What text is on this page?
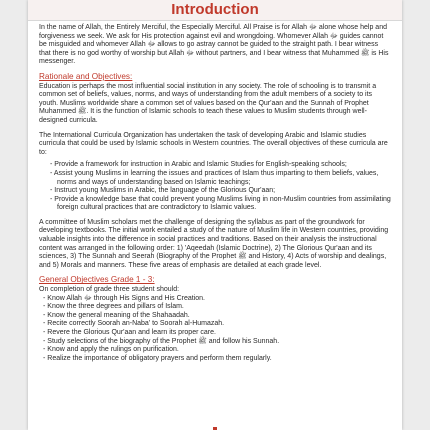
Introduction

In the name of Allah, the Entirely Merciful, the Especially Merciful. All Praise is for Allah ﷻ alone whose help and forgiveness we seek. We ask for His protection against evil and wrongdoing. Whomever Allah ﷻ guides cannot be misguided and whomever Allah ﷻ allows to go astray cannot be guided to the straight path. I bear witness that there is no god worthy of worship but Allah ﷻ without partners, and I bear witness that Muhammed ﷺ is His messenger.

Rationale and Objectives:

Education is perhaps the most influential social institution in any society. The role of schooling is to transmit a common set of beliefs, values, norms, and ways of understanding from the adult members of a society to its youth. Muslims worldwide share a common set of values based on the Qur'aan and the Sunnah of Prophet Muhammed ﷺ. It is the function of Islamic schools to teach these values to Muslim students through well-designed curricula.

The International Curricula Organization has undertaken the task of developing Arabic and Islamic studies curricula that could be used by Islamic schools in Western countries. The overall objectives of these curricula are to:

- Provide a framework for instruction in Arabic and Islamic Studies for English-speaking schools;
- Assist young Muslims in learning the issues and practices of Islam thus imparting to them beliefs, values, norms and ways of understanding based on Islamic teachings;
- Instruct young Muslims in Arabic, the language of the Glorious Qur'aan;
- Provide a knowledge base that could prevent young Muslims living in non-Muslim countries from assimilating foreign cultural practices that are contradictory to Islamic values.

A committee of Muslim scholars met the challenge of designing the syllabus as part of the groundwork for developing textbooks. The initial work entailed a study of the nature of Muslim life in Western countries, providing valuable insights into the difference in social practices and traditions. Based on their analysis the instructional content was arranged in the following order: 1) 'Aqeedah (Islamic Doctrine), 2) The Glorious Qur'aan and its sciences, 3) The Sunnah and Seerah (Biography of the Prophet ﷺ and History, 4) Acts of worship and dealings, and 5) Morals and manners. These five areas of emphasis are detailed at each grade level.

General Objectives Grade 1 - 3:
On completion of grade three student should:
- Know Allah ﷻ through His Signs and His Creation.
- Know the three degrees and pillars of Islam.
- Know the general meaning of the Shahaadah.
- Recite correctly Soorah an-Naba' to Soorah al-Humazah.
- Revere the Glorious Qur'aan and learn its proper care.
- Study selections of the biography of the Prophet ﷺ and follow his Sunnah.
- Know and apply the rulings on purification.
- Realize the importance of obligatory prayers and perform them regularly.
